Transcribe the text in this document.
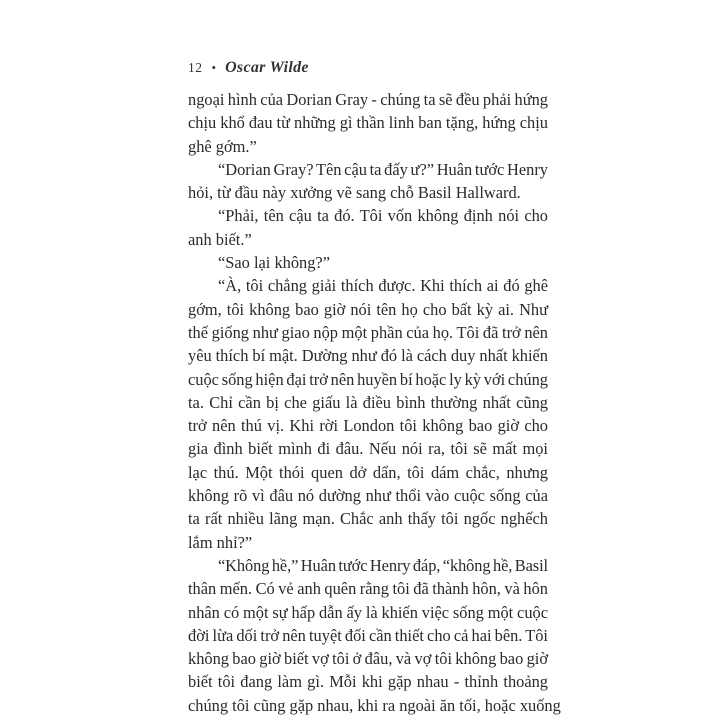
12 • Oscar Wilde
ngoại hình của Dorian Gray - chúng ta sẽ đều phải hứng
chịu khổ đau từ những gì thần linh ban tặng, hứng chịu
ghê gớm.”
“Dorian Gray? Tên cậu ta đấy ư?” Huân tước Henry
hỏi, từ đầu này xưởng vẽ sang chỗ Basil Hallward.
“Phải, tên cậu ta đó. Tôi vốn không định nói cho
anh biết.”
“Sao lại không?”
“À, tôi chẳng giải thích được. Khi thích ai đó ghê
gớm, tôi không bao giờ nói tên họ cho bất kỳ ai. Như
thế giống như giao nộp một phần của họ. Tôi đã trở nên
yêu thích bí mật. Dường như đó là cách duy nhất khiến
cuộc sống hiện đại trở nên huyền bí hoặc ly kỳ với chúng
ta. Chỉ cần bị che giấu là điều bình thường nhất cũng
trở nên thú vị. Khi rời London tôi không bao giờ cho
gia đình biết mình đi đâu. Nếu nói ra, tôi sẽ mất mọi
lạc thú. Một thói quen dở dẩn, tôi dám chắc, nhưng
không rõ vì đâu nó dường như thổi vào cuộc sống của
ta rất nhiều lãng mạn. Chắc anh thấy tôi ngốc nghếch
lắm nhỉ?”
“Không hề,” Huân tước Henry đáp, “không hề, Basil
thân mến. Có vẻ anh quên rằng tôi đã thành hôn, và hôn
nhân có một sự hấp dẫn ấy là khiến việc sống một cuộc
đời lừa dối trở nên tuyệt đối cần thiết cho cả hai bên. Tôi
không bao giờ biết vợ tôi ở đâu, và vợ tôi không bao giờ
biết tôi đang làm gì. Mỗi khi gặp nhau - thỉnh thoảng
chúng tôi cũng gặp nhau, khi ra ngoài ăn tối, hoặc xuống
